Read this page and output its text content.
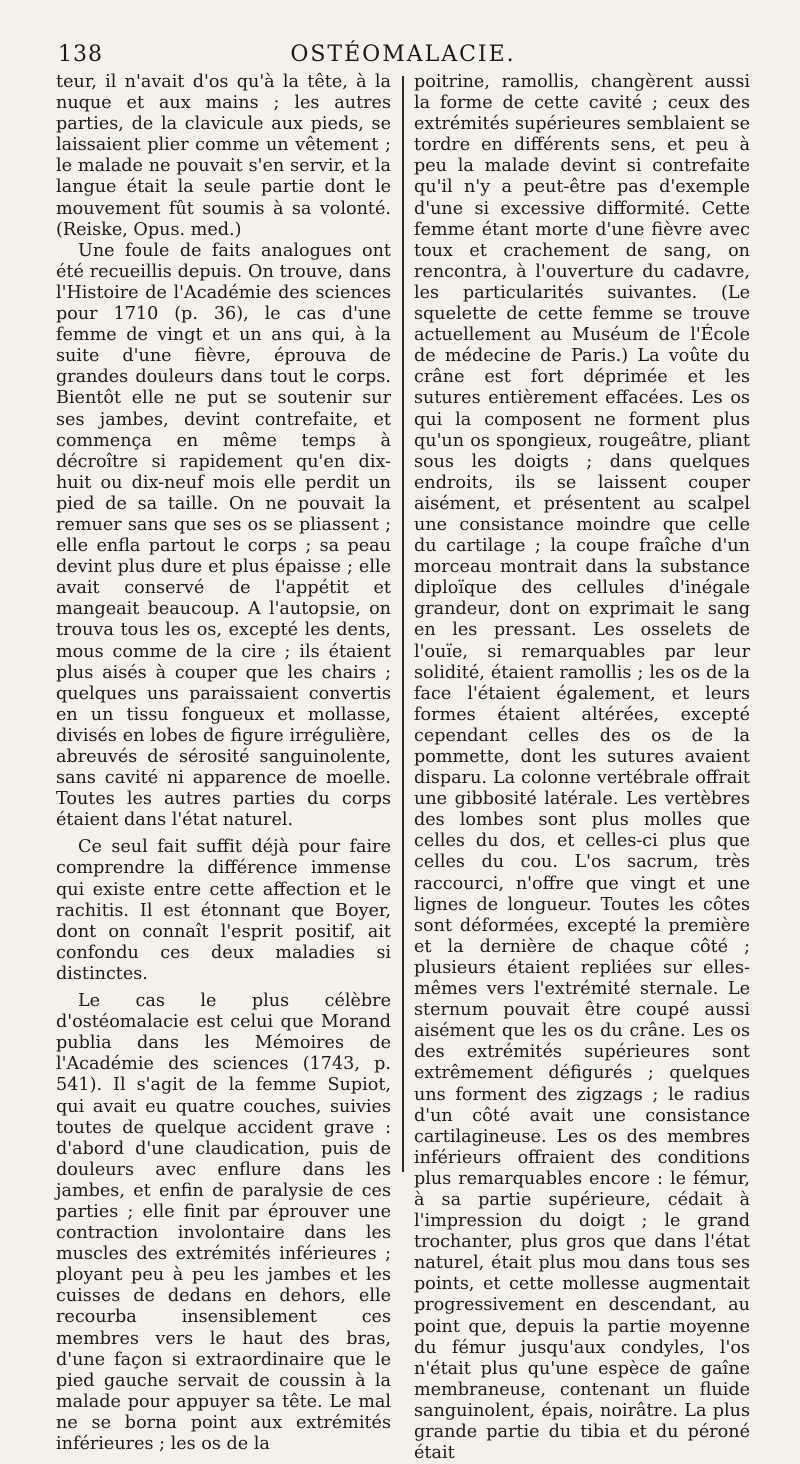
138	OSTÉOMALACIE.

teur, il n'avait d'os qu'à la tête, à la nuque et aux mains ; les autres parties, de la clavicule aux pieds, se laissaient plier comme un vêtement ; le malade ne pouvait s'en servir, et la langue était la seule partie dont le mouvement fût soumis à sa volonté. (Reiske, Opus. med.)

Une foule de faits analogues ont été recueillis depuis. On trouve, dans l'Histoire de l'Académie des sciences pour 1710 (p. 36), le cas d'une femme de vingt et un ans qui, à la suite d'une fièvre, éprouva de grandes douleurs dans tout le corps. Bientôt elle ne put se soutenir sur ses jambes, devint contrefaite, et commença en même temps à décroître si rapidement qu'en dix-huit ou dix-neuf mois elle perdit un pied de sa taille. On ne pouvait la remuer sans que ses os se pliassent ; elle enfla partout le corps ; sa peau devint plus dure et plus épaisse ; elle avait conservé de l'appétit et mangeait beaucoup. A l'autopsie, on trouva tous les os, excepté les dents, mous comme de la cire ; ils étaient plus aisés à couper que les chairs ; quelques uns paraissaient convertis en un tissu fongueux et mollasse, divisés en lobes de figure irrégulière, abreuvés de sérosité sanguinolente, sans cavité ni apparence de moelle. Toutes les autres parties du corps étaient dans l'état naturel.

Ce seul fait suffit déjà pour faire comprendre la différence immense qui existe entre cette affection et le rachitis. Il est étonnant que Boyer, dont on connaît l'esprit positif, ait confondu ces deux maladies si distinctes.

Le cas le plus célèbre d'ostéomalacie est celui que Morand publia dans les Mémoires de l'Académie des sciences (1743, p. 541). Il s'agit de la femme Supiot, qui avait eu quatre couches, suivies toutes de quelque accident grave : d'abord d'une claudication, puis de douleurs avec enflure dans les jambes, et enfin de paralysie de ces parties ; elle finit par éprouver une contraction involontaire dans les muscles des extrémités inférieures ; ployant peu à peu les jambes et les cuisses de dedans en dehors, elle recourba insensiblement ces membres vers le haut des bras, d'une façon si extraordinaire que le pied gauche servait de coussin à la malade pour appuyer sa tête. Le mal ne se borna point aux extrémités inférieures ; les os de la

poitrine, ramollis, changèrent aussi la forme de cette cavité ; ceux des extrémités supérieures semblaient se tordre en différents sens, et peu à peu la malade devint si contrefaite qu'il n'y a peut-être pas d'exemple d'une si excessive difformité. Cette femme étant morte d'une fièvre avec toux et crachement de sang, on rencontra, à l'ouverture du cadavre, les particularités suivantes. (Le squelette de cette femme se trouve actuellement au Muséum de l'École de médecine de Paris.) La voûte du crâne est fort déprimée et les sutures entièrement effacées. Les os qui la composent ne forment plus qu'un os spongieux, rougeâtre, pliant sous les doigts ; dans quelques endroits, ils se laissent couper aisément, et présentent au scalpel une consistance moindre que celle du cartilage ; la coupe fraîche d'un morceau montrait dans la substance diploïque des cellules d'inégale grandeur, dont on exprimait le sang en les pressant. Les osselets de l'ouïe, si remarquables par leur solidité, étaient ramollis ; les os de la face l'étaient également, et leurs formes étaient altérées, excepté cependant celles des os de la pommette, dont les sutures avaient disparu. La colonne vertébrale offrait une gibbosité latérale. Les vertèbres des lombes sont plus molles que celles du dos, et celles-ci plus que celles du cou. L'os sacrum, très raccourci, n'offre que vingt et une lignes de longueur. Toutes les côtes sont déformées, excepté la première et la dernière de chaque côté ; plusieurs étaient repliées sur elles-mêmes vers l'extrémité sternale. Le sternum pouvait être coupé aussi aisément que les os du crâne. Les os des extrémités supérieures sont extrêmement défigurés ; quelques uns forment des zigzags ; le radius d'un côté avait une consistance cartilagineuse. Les os des membres inférieurs offraient des conditions plus remarquables encore : le fémur, à sa partie supérieure, cédait à l'impression du doigt ; le grand trochanter, plus gros que dans l'état naturel, était plus mou dans tous ses points, et cette mollesse augmentait progressivement en descendant, au point que, depuis la partie moyenne du fémur jusqu'aux condyles, l'os n'était plus qu'une espèce de gaîne membraneuse, contenant un fluide sanguinolent, épais, noirâtre. La plus grande partie du tibia et du péroné était
